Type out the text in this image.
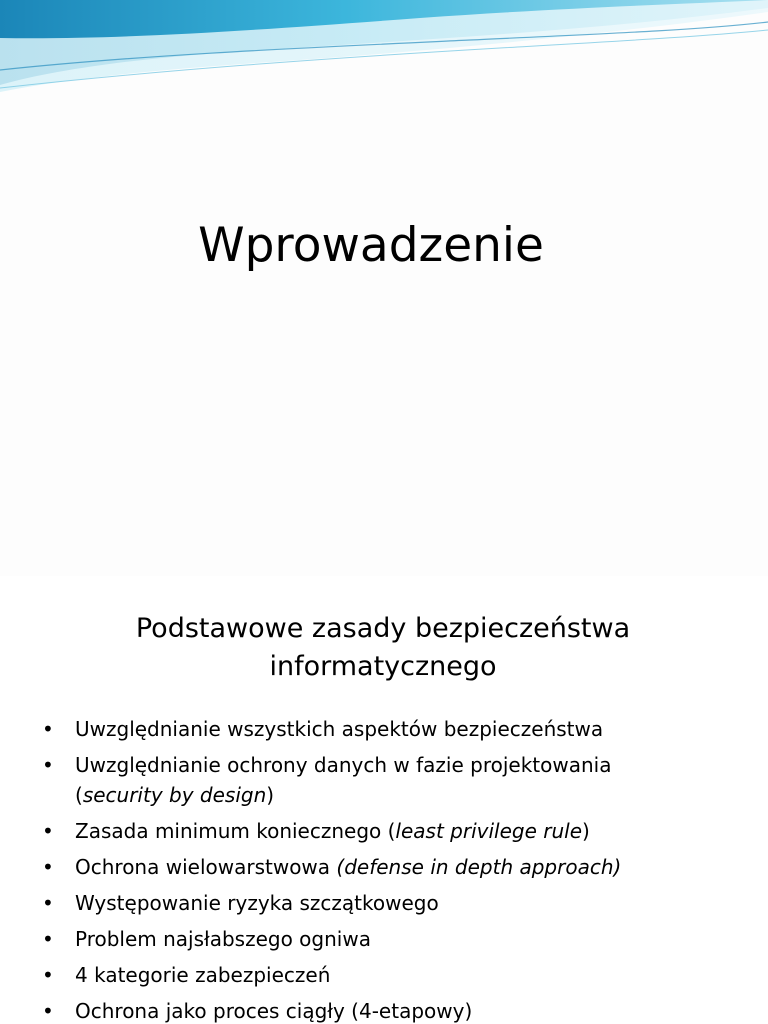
Wprowadzenie
Podstawowe zasady bezpieczeństwa
informatycznego
• Uwzględnianie wszystkich aspektów bezpieczeństwa
• Uwzględnianie ochrony danych w fazie projektowania
(security by design)
• Zasada minimum koniecznego (least privilege rule)
• Ochrona wielowarstwowa (defense in depth approach)
• Występowanie ryzyka szczątkowego
• Problem najsłabszego ogniwa
• 4 kategorie zabezpieczeń
• Ochrona jako proces ciągły (4-etapowy)
